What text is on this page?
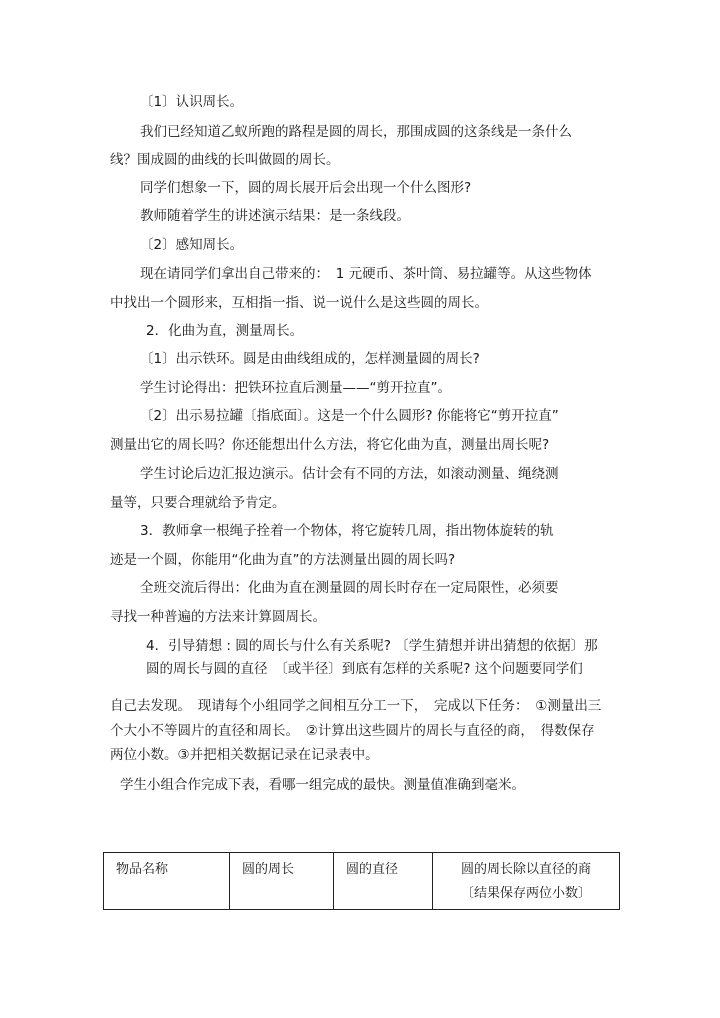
〔1〕认识周长。
我们已经知道乙蚁所跑的路程是圆的周长，那围成圆的这条线是一条什么
线？围成圆的曲线的长叫做圆的周长。
同学们想象一下，圆的周长展开后会出现一个什么图形?
教师随着学生的讲述演示结果：是一条线段。
〔2〕感知周长。
现在请同学们拿出自己带来的：　1 元硬币、茶叶筒、易拉罐等。从这些物体
中找出一个圆形来，互相指一指、说一说什么是这些圆的周长。
2．化曲为直，测量周长。
〔1〕出示铁环。圆是由曲线组成的，怎样测量圆的周长?
学生讨论得出：把铁环拉直后测量——“剪开拉直”。
〔2〕出示易拉罐〔指底面〕。这是一个什么圆形? 你能将它“剪开拉直”
测量出它的周长吗？你还能想出什么方法，将它化曲为直，测量出周长呢?
学生讨论后边汇报边演示。估计会有不同的方法，如滚动测量、绳绕测
量等，只要合理就给予肯定。
3．教师拿一根绳子拴着一个物体，将它旋转几周，指出物体旋转的轨
迹是一个圆，你能用“化曲为直”的方法测量出圆的周长吗?
全班交流后得出：化曲为直在测量圆的周长时存在一定局限性，必须要
寻找一种普遍的方法来计算圆周长。
4．引导猜想 : 圆的周长与什么有关系呢? 〔学生猜想并讲出猜想的依据〕那
圆的周长与圆的直径　〔或半径〕到底有怎样的关系呢? 这个问题要同学们
自己去发现。　现请每个小组同学之间相互分工一下，　完成以下任务：　①测量出三
个大小不等圆片的直径和周长。　②计算出这些圆片的周长与直径的商，　得数保存
两位小数。③并把相关数据记录在记录表中。
学生小组合作完成下表，看哪一组完成的最快。测量值准确到毫米。
物品名称	圆的周长	圆的直径	圆的周长除以直径的商
〔结果保存两位小数〕
